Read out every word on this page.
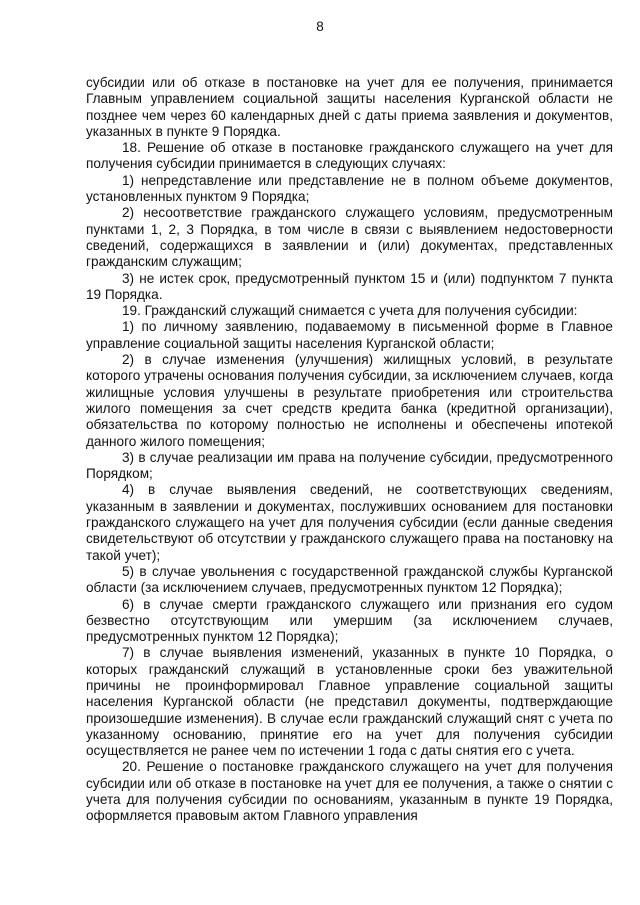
8

субсидии или об отказе в постановке на учет для ее получения, принимается Главным управлением социальной защиты населения Курганской области не позднее чем через 60 календарных дней с даты приема заявления и документов, указанных в пункте 9 Порядка.

18. Решение об отказе в постановке гражданского служащего на учет для получения субсидии принимается в следующих случаях:

1) непредставление или представление не в полном объеме документов, установленных пунктом 9 Порядка;

2) несоответствие гражданского служащего условиям, предусмотренным пунктами 1, 2, 3 Порядка, в том числе в связи с выявлением недостоверности сведений, содержащихся в заявлении и (или) документах, представленных гражданским служащим;

3) не истек срок, предусмотренный пунктом 15 и (или) подпунктом 7 пункта 19 Порядка.

19. Гражданский служащий снимается с учета для получения субсидии:

1) по личному заявлению, подаваемому в письменной форме в Главное управление социальной защиты населения Курганской области;

2) в случае изменения (улучшения) жилищных условий, в результате которого утрачены основания получения субсидии, за исключением случаев, когда жилищные условия улучшены в результате приобретения или строительства жилого помещения за счет средств кредита банка (кредитной организации), обязательства по которому полностью не исполнены и обеспечены ипотекой данного жилого помещения;

3) в случае реализации им права на получение субсидии, предусмотренного Порядком;

4) в случае выявления сведений, не соответствующих сведениям, указанным в заявлении и документах, послуживших основанием для постановки гражданского служащего на учет для получения субсидии (если данные сведения свидетельствуют об отсутствии у гражданского служащего права на постановку на такой учет);

5) в случае увольнения с государственной гражданской службы Курганской области (за исключением случаев, предусмотренных пунктом 12 Порядка);

6) в случае смерти гражданского служащего или признания его судом безвестно отсутствующим или умершим (за исключением случаев, предусмотренных пунктом 12 Порядка);

7) в случае выявления изменений, указанных в пункте 10 Порядка, о которых гражданский служащий в установленные сроки без уважительной причины не проинформировал Главное управление социальной защиты населения Курганской области (не представил документы, подтверждающие произошедшие изменения). В случае если гражданский служащий снят с учета по указанному основанию, принятие его на учет для получения субсидии осуществляется не ранее чем по истечении 1 года с даты снятия его с учета.

20. Решение о постановке гражданского служащего на учет для получения субсидии или об отказе в постановке на учет для ее получения, а также о снятии с учета для получения субсидии по основаниям, указанным в пункте 19 Порядка, оформляется правовым актом Главного управления
